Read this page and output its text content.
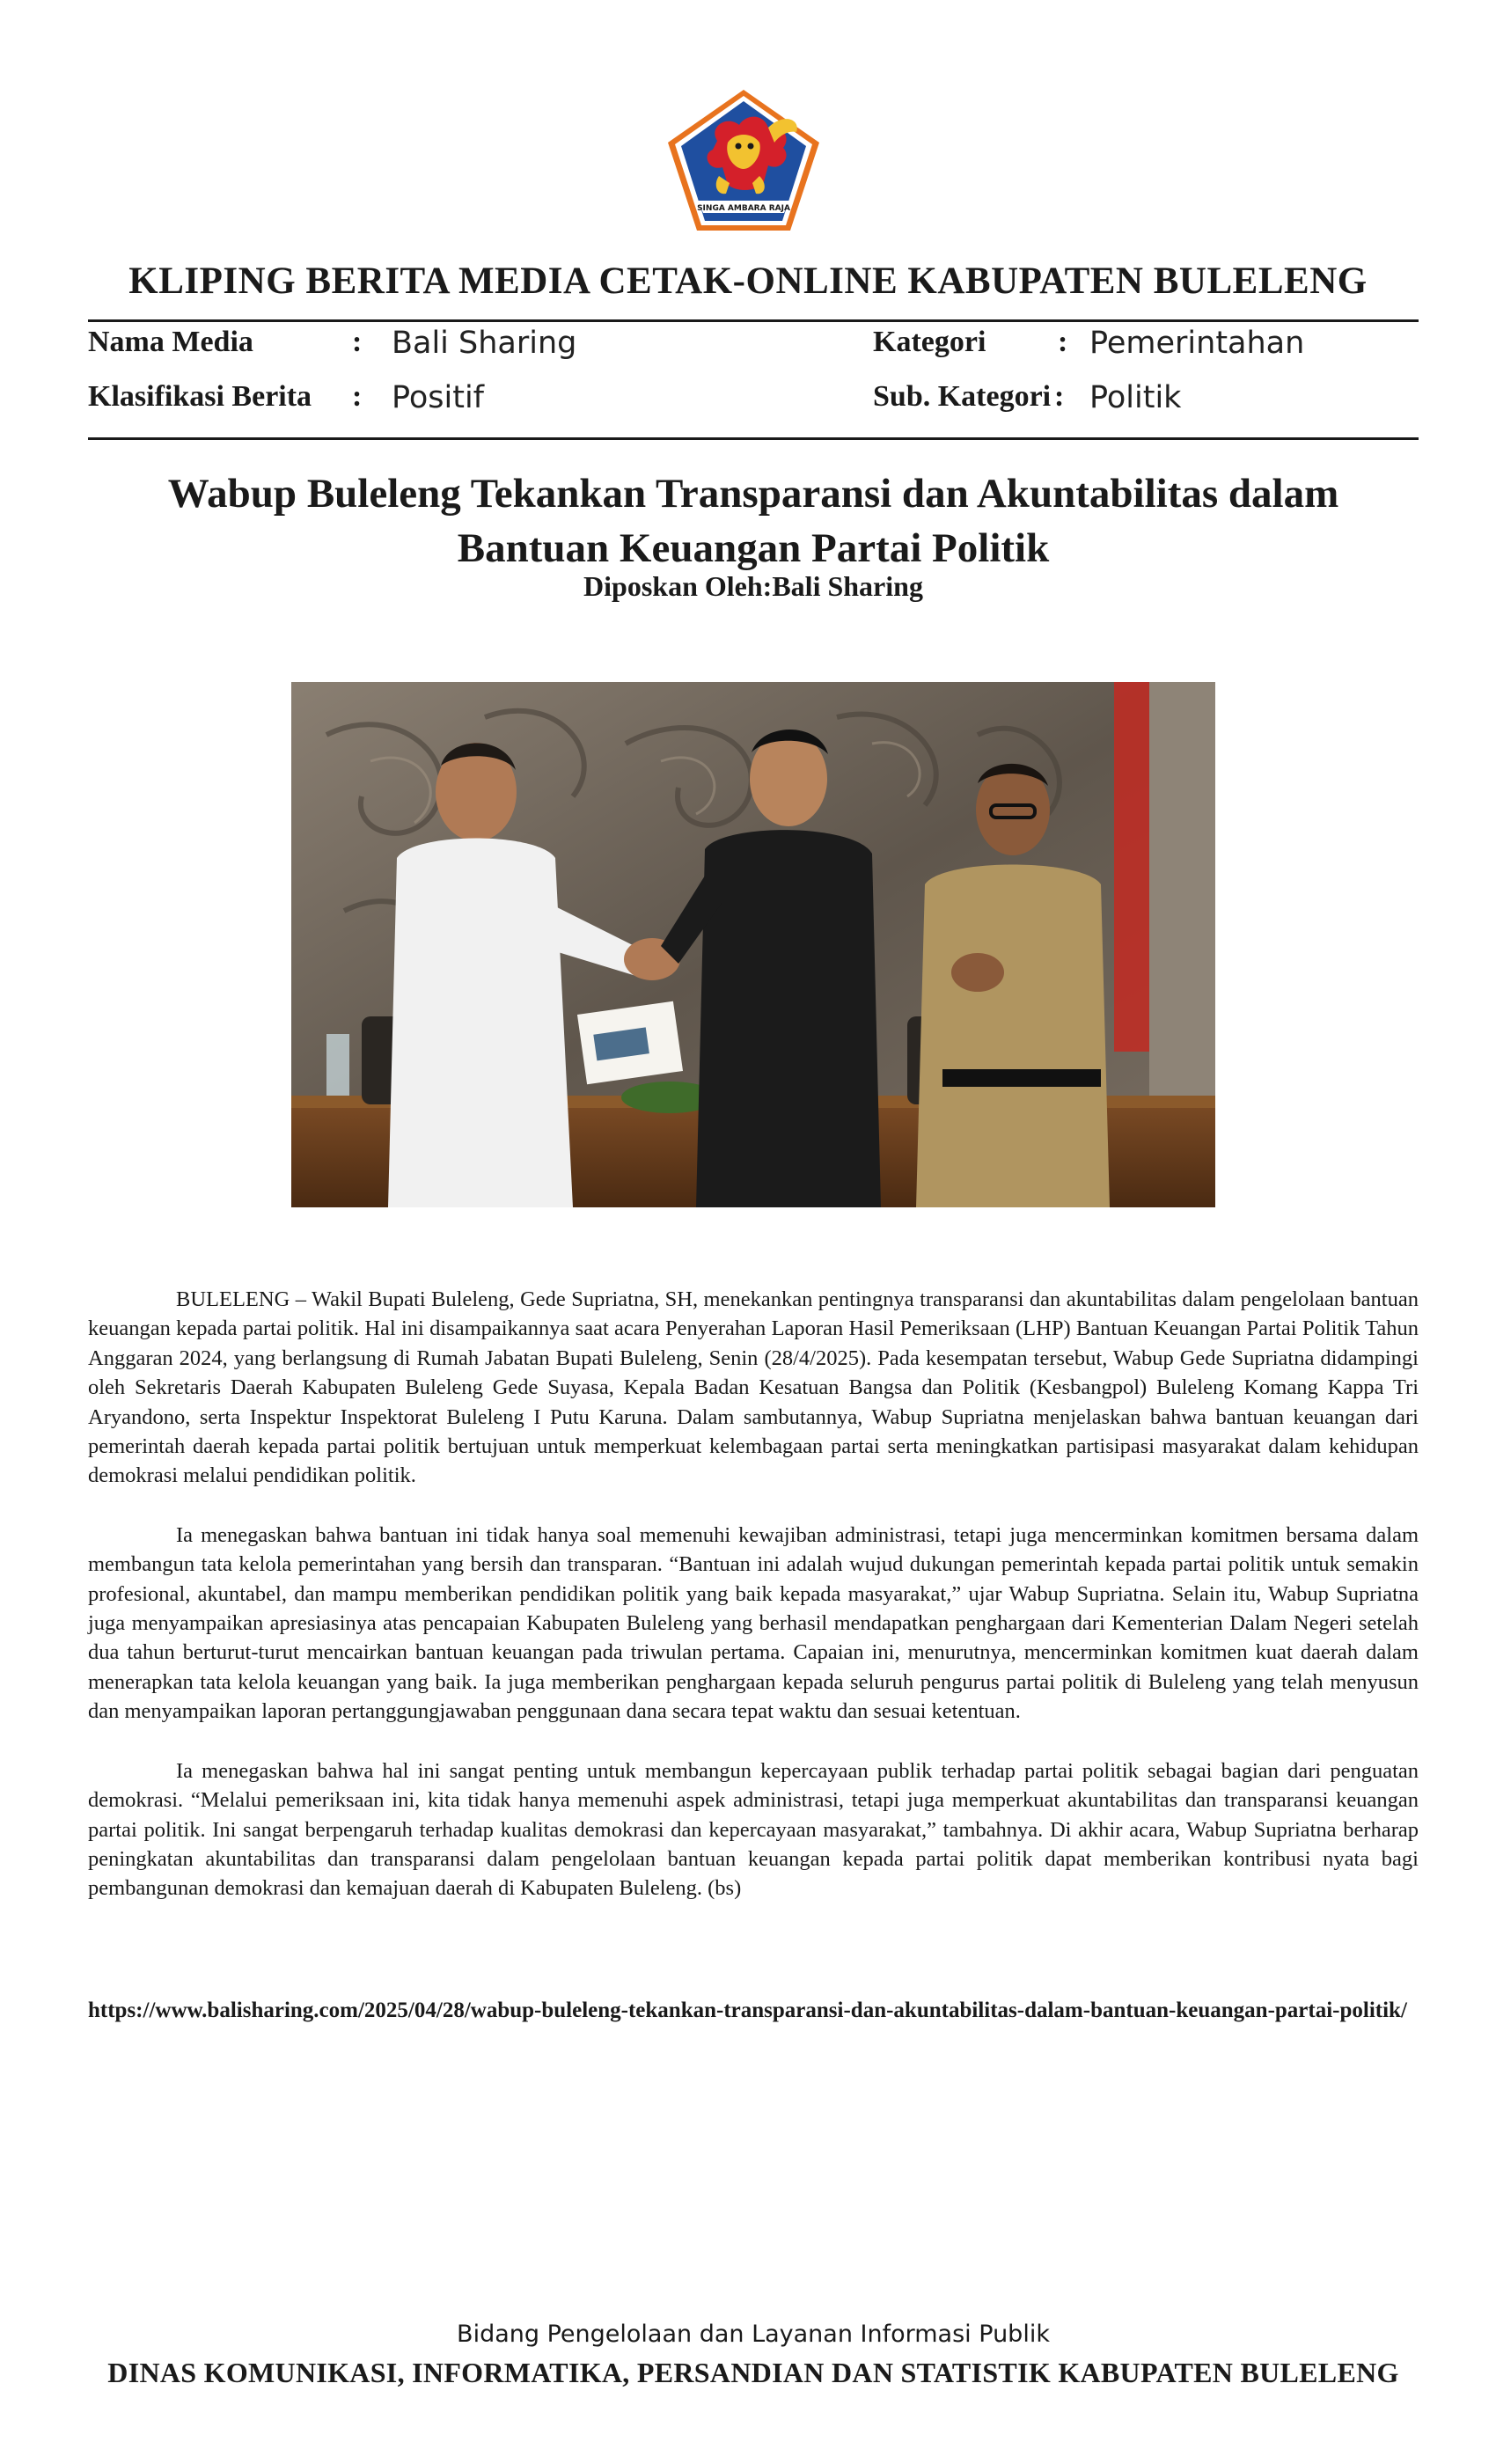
SINGA AMBARA RAJA
KLIPING BERITA MEDIA CETAK-ONLINE KABUPATEN BULELENG
Nama Media	: Bali Sharing	Kategori : Pemerintahan
Klasifikasi Berita : Positif	Sub. Kategori : Politik
Wabup Buleleng Tekankan Transparansi dan Akuntabilitas dalam Bantuan Keuangan Partai Politik
Diposkan Oleh:Bali Sharing

BULELENG – Wakil Bupati Buleleng, Gede Supriatna, SH, menekankan pentingnya transparansi dan akuntabilitas dalam pengelolaan bantuan keuangan kepada partai politik. Hal ini disampaikannya saat acara Penyerahan Laporan Hasil Pemeriksaan (LHP) Bantuan Keuangan Partai Politik Tahun Anggaran 2024, yang berlangsung di Rumah Jabatan Bupati Buleleng, Senin (28/4/2025). Pada kesempatan tersebut, Wabup Gede Supriatna didampingi oleh Sekretaris Daerah Kabupaten Buleleng Gede Suyasa, Kepala Badan Kesatuan Bangsa dan Politik (Kesbangpol) Buleleng Komang Kappa Tri Aryandono, serta Inspektur Inspektorat Buleleng I Putu Karuna. Dalam sambutannya, Wabup Supriatna menjelaskan bahwa bantuan keuangan dari pemerintah daerah kepada partai politik bertujuan untuk memperkuat kelembagaan partai serta meningkatkan partisipasi masyarakat dalam kehidupan demokrasi melalui pendidikan politik.

Ia menegaskan bahwa bantuan ini tidak hanya soal memenuhi kewajiban administrasi, tetapi juga mencerminkan komitmen bersama dalam membangun tata kelola pemerintahan yang bersih dan transparan. “Bantuan ini adalah wujud dukungan pemerintah kepada partai politik untuk semakin profesional, akuntabel, dan mampu memberikan pendidikan politik yang baik kepada masyarakat,” ujar Wabup Supriatna. Selain itu, Wabup Supriatna juga menyampaikan apresiasinya atas pencapaian Kabupaten Buleleng yang berhasil mendapatkan penghargaan dari Kementerian Dalam Negeri setelah dua tahun berturut-turut mencairkan bantuan keuangan pada triwulan pertama. Capaian ini, menurutnya, mencerminkan komitmen kuat daerah dalam menerapkan tata kelola keuangan yang baik. Ia juga memberikan penghargaan kepada seluruh pengurus partai politik di Buleleng yang telah menyusun dan menyampaikan laporan pertanggungjawaban penggunaan dana secara tepat waktu dan sesuai ketentuan.

Ia menegaskan bahwa hal ini sangat penting untuk membangun kepercayaan publik terhadap partai politik sebagai bagian dari penguatan demokrasi. “Melalui pemeriksaan ini, kita tidak hanya memenuhi aspek administrasi, tetapi juga memperkuat akuntabilitas dan transparansi keuangan partai politik. Ini sangat berpengaruh terhadap kualitas demokrasi dan kepercayaan masyarakat,” tambahnya. Di akhir acara, Wabup Supriatna berharap peningkatan akuntabilitas dan transparansi dalam pengelolaan bantuan keuangan kepada partai politik dapat memberikan kontribusi nyata bagi pembangunan demokrasi dan kemajuan daerah di Kabupaten Buleleng. (bs)

https://www.balisharing.com/2025/04/28/wabup-buleleng-tekankan-transparansi-dan-akuntabilitas-dalam-bantuan-keuangan-partai-politik/
Bidang Pengelolaan dan Layanan Informasi Publik
DINAS KOMUNIKASI, INFORMATIKA, PERSANDIAN DAN STATISTIK KABUPATEN BULELENG
